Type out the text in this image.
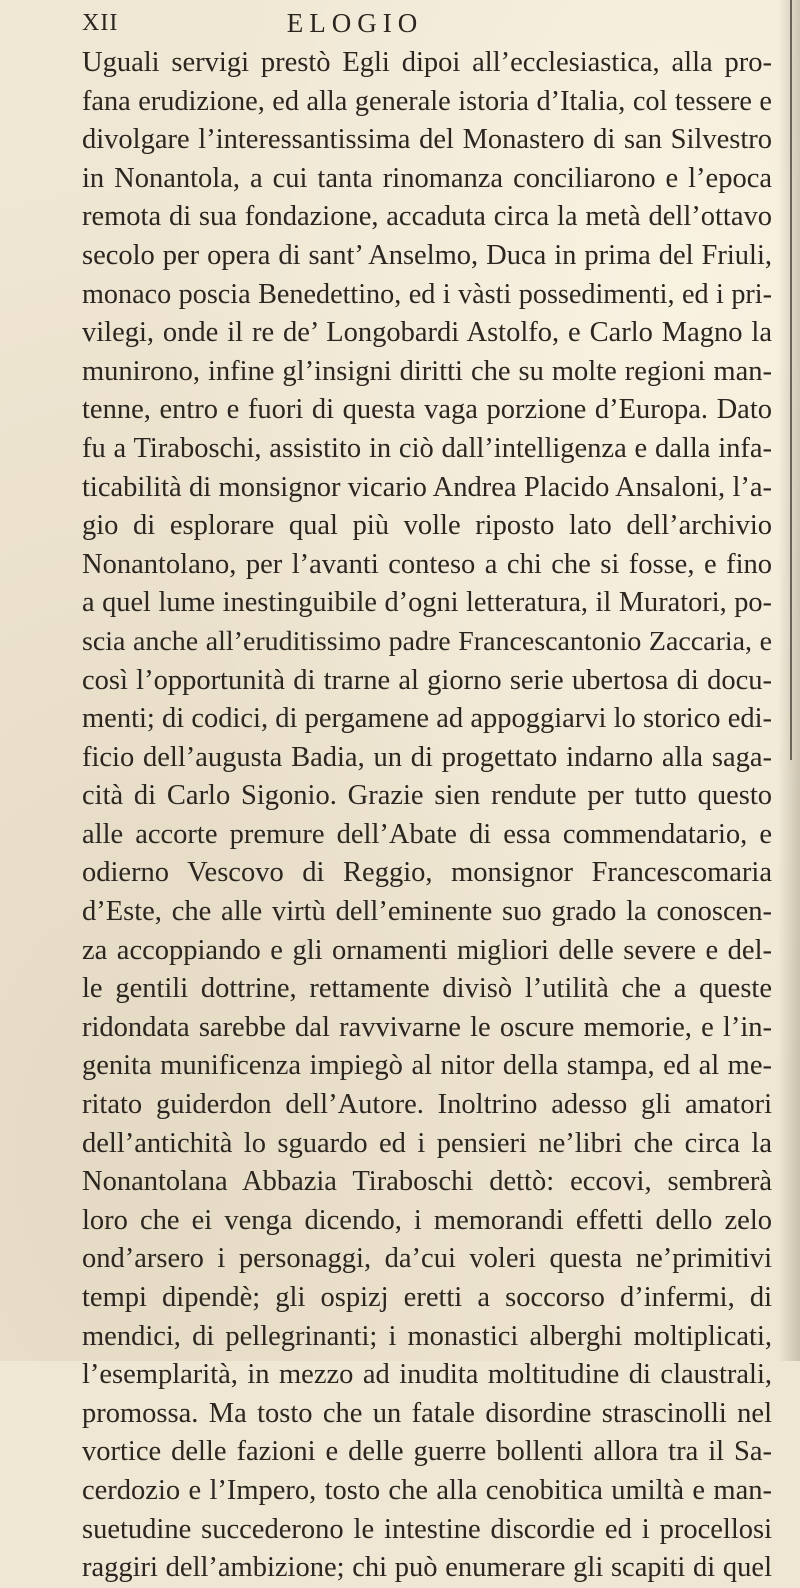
XII	ELOGIO
Uguali servigi prestò Egli dipoi all’ecclesiastica, alla pro-
fana erudizione, ed alla generale istoria d’Italia, col tessere e
divolgare l’interessantissima del Monastero di san Silvestro
in Nonantola, a cui tanta rinomanza conciliarono e l’epoca
remota di sua fondazione, accaduta circa la metà dell’ottavo
secolo per opera di sant’ Anselmo, Duca in prima del Friuli,
monaco poscia Benedettino, ed i vàsti possedimenti, ed i pri-
vilegi, onde il re de’ Longobardi Astolfo, e Carlo Magno la
munirono, infine gl’insigni diritti che su molte regioni man-
tenne, entro e fuori di questa vaga porzione d’Europa. Dato
fu a Tiraboschi, assistito in ciò dall’intelligenza e dalla infa-
ticabilità di monsignor vicario Andrea Placido Ansaloni, l’a-
gio di esplorare qual più volle riposto lato dell’archivio
Nonantolano, per l’avanti conteso a chi che si fosse, e fino
a quel lume inestinguibile d’ogni letteratura, il Muratori, po-
scia anche all’eruditissimo padre Francescantonio Zaccaria, e
così l’opportunità di trarne al giorno serie ubertosa di docu-
menti; di codici, di pergamene ad appoggiarvi lo storico edi-
ficio dell’augusta Badia, un di progettato indarno alla saga-
cità di Carlo Sigonio. Grazie sien rendute per tutto questo
alle accorte premure dell’Abate di essa commendatario, e
odierno Vescovo di Reggio, monsignor Francescomaria
d’Este, che alle virtù dell’eminente suo grado la conoscen-
za accoppiando e gli ornamenti migliori delle severe e del-
le gentili dottrine, rettamente divisò l’utilità che a queste
ridondata sarebbe dal ravvivarne le oscure memorie, e l’in-
genita munificenza impiegò al nitor della stampa, ed al me-
ritato guiderdon dell’Autore. Inoltrino adesso gli amatori
dell’antichità lo sguardo ed i pensieri ne’libri che circa la
Nonantolana Abbazia Tiraboschi dettò: eccovi, sembrerà
loro che ei venga dicendo, i memorandi effetti dello zelo
ond’arsero i personaggi, da’cui voleri questa ne’primitivi
tempi dipendè; gli ospizj eretti a soccorso d’infermi, di
mendici, di pellegrinanti; i monastici alberghi moltiplicati,
l’esemplarità, in mezzo ad inudita moltitudine di claustrali,
promossa. Ma tosto che un fatale disordine strascinolli nel
vortice delle fazioni e delle guerre bollenti allora tra il Sa-
cerdozio e l’Impero, tosto che alla cenobitica umiltà e man-
suetudine succederono le intestine discordie ed i procellosi
raggiri dell’ambizione; chi può enumerare gli scapiti di quel
